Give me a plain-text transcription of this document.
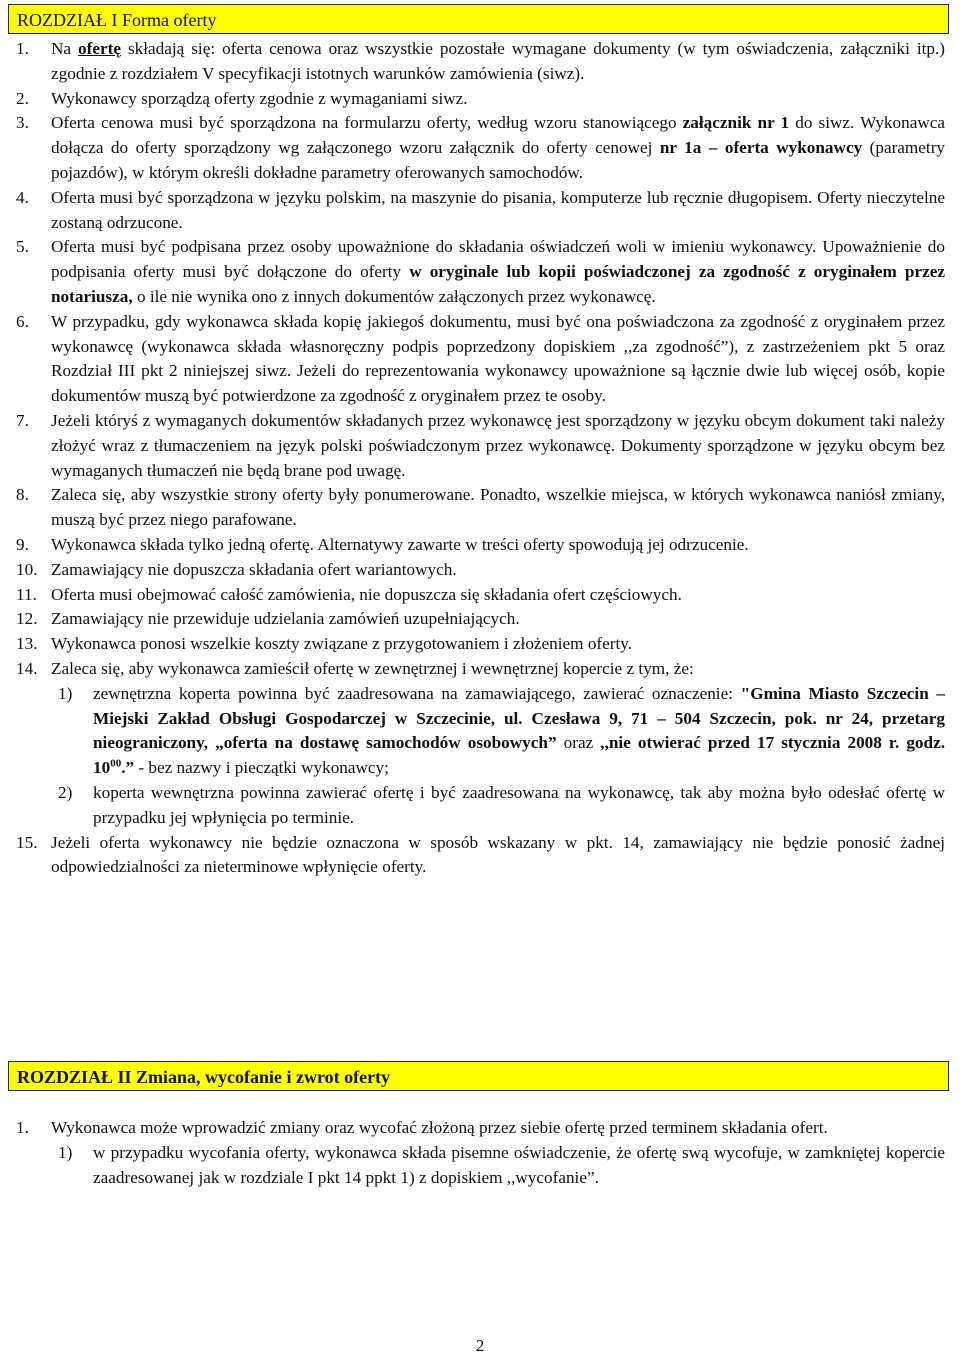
ROZDZIAŁ I Forma oferty
1. Na ofertę składają się: oferta cenowa oraz wszystkie pozostałe wymagane dokumenty (w tym oświadczenia, załączniki itp.) zgodnie z rozdziałem V specyfikacji istotnych warunków zamówienia (siwz).
2. Wykonawcy sporządzą oferty zgodnie z wymaganiami siwz.
3. Oferta cenowa musi być sporządzona na formularzu oferty, według wzoru stanowiącego załącznik nr 1 do siwz. Wykonawca dołącza do oferty sporządzony wg załączonego wzoru załącznik do oferty cenowej nr 1a – oferta wykonawcy (parametry pojazdów), w którym określi dokładne parametry oferowanych samochodów.
4. Oferta musi być sporządzona w języku polskim, na maszynie do pisania, komputerze lub ręcznie długopisem. Oferty nieczytelne zostaną odrzucone.
5. Oferta musi być podpisana przez osoby upoważnione do składania oświadczeń woli w imieniu wykonawcy. Upoważnienie do podpisania oferty musi być dołączone do oferty w oryginale lub kopii poświadczonej za zgodność z oryginałem przez notariusza, o ile nie wynika ono z innych dokumentów załączonych przez wykonawcę.
6. W przypadku, gdy wykonawca składa kopię jakiegoś dokumentu, musi być ona poświadczona za zgodność z oryginałem przez wykonawcę (wykonawca składa własnoręczny podpis poprzedzony dopiskiem ,,za zgodność”), z zastrzeżeniem pkt 5 oraz Rozdział III pkt 2 niniejszej siwz. Jeżeli do reprezentowania wykonawcy upoważnione są łącznie dwie lub więcej osób, kopie dokumentów muszą być potwierdzone za zgodność z oryginałem przez te osoby.
7. Jeżeli któryś z wymaganych dokumentów składanych przez wykonawcę jest sporządzony w języku obcym dokument taki należy złożyć wraz z tłumaczeniem na język polski poświadczonym przez wykonawcę. Dokumenty sporządzone w języku obcym bez wymaganych tłumaczeń nie będą brane pod uwagę.
8. Zaleca się, aby wszystkie strony oferty były ponumerowane. Ponadto, wszelkie miejsca, w których wykonawca naniósł zmiany, muszą być przez niego parafowane.
9. Wykonawca składa tylko jedną ofertę. Alternatywy zawarte w treści oferty spowodują jej odrzucenie.
10. Zamawiający nie dopuszcza składania ofert wariantowych.
11. Oferta musi obejmować całość zamówienia, nie dopuszcza się składania ofert częściowych.
12. Zamawiający nie przewiduje udzielania zamówień uzupełniających.
13. Wykonawca ponosi wszelkie koszty związane z przygotowaniem i złożeniem oferty.
14. Zaleca się, aby wykonawca zamieścił ofertę w zewnętrznej i wewnętrznej kopercie z tym, że:
1) zewnętrzna koperta powinna być zaadresowana na zamawiającego, zawierać oznaczenie: "Gmina Miasto Szczecin – Miejski Zakład Obsługi Gospodarczej w Szczecinie, ul. Czesława 9, 71 – 504 Szczecin, pok. nr 24, przetarg nieograniczony, „oferta na dostawę samochodów osobowych” oraz ,,nie otwierać przed 17 stycznia 2008 r. godz. $10^{00}$.” - bez nazwy i pieczątki wykonawcy;
2) koperta wewnętrzna powinna zawierać ofertę i być zaadresowana na wykonawcę, tak aby można było odesłać ofertę w przypadku jej wpłynięcia po terminie.
15. Jeżeli oferta wykonawcy nie będzie oznaczona w sposób wskazany w pkt. 14, zamawiający nie będzie ponosić żadnej odpowiedzialności za nieterminowe wpłynięcie oferty.
ROZDZIAŁ II Zmiana, wycofanie i zwrot oferty
1. Wykonawca może wprowadzić zmiany oraz wycofać złożoną przez siebie ofertę przed terminem składania ofert.
1) w przypadku wycofania oferty, wykonawca składa pisemne oświadczenie, że ofertę swą wycofuje, w zamkniętej kopercie zaadresowanej jak w rozdziale I pkt 14 ppkt 1) z dopiskiem ,,wycofanie”.
2
